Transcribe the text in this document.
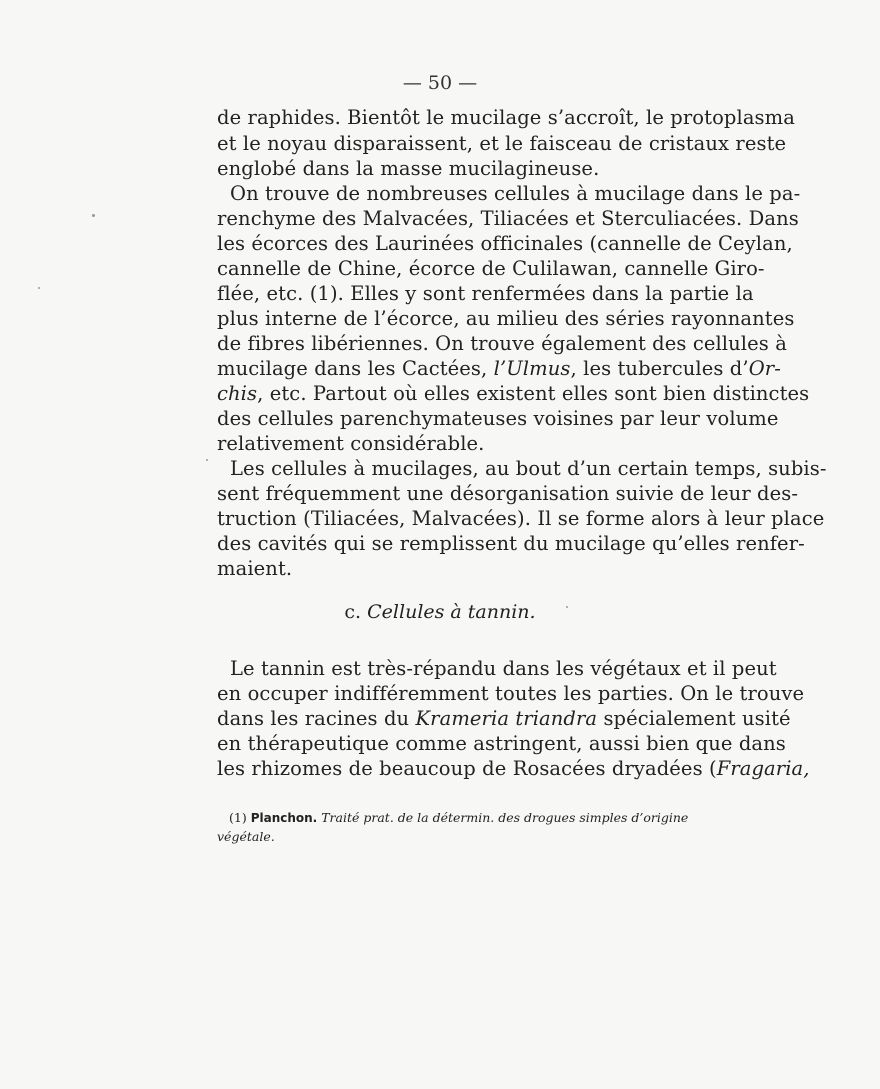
— 50 —
de raphides. Bientôt le mucilage s’accroît, le protoplasma
et le noyau disparaissent, et le faisceau de cristaux reste
englobé dans la masse mucilagineuse.
On trouve de nombreuses cellules à mucilage dans le pa-
renchyme des Malvacées, Tiliacées et Sterculiacées. Dans
les écorces des Laurinées officinales (cannelle de Ceylan,
cannelle de Chine, écorce de Culilawan, cannelle Giro-
flée, etc. (1). Elles y sont renfermées dans la partie la
plus interne de l’écorce, au milieu des séries rayonnantes
de fibres libériennes. On trouve également des cellules à
mucilage dans les Cactées, l’Ulmus, les tubercules d’Or-
chis, etc. Partout où elles existent elles sont bien distinctes
des cellules parenchymateuses voisines par leur volume
relativement considérable.
Les cellules à mucilages, au bout d’un certain temps, subis-
sent fréquemment une désorganisation suivie de leur des-
truction (Tiliacées, Malvacées). Il se forme alors à leur place
des cavités qui se remplissent du mucilage qu’elles renfer-
maient.
c. Cellules à tannin.
Le tannin est très-répandu dans les végétaux et il peut
en occuper indifféremment toutes les parties. On le trouve
dans les racines du Krameria triandra spécialement usité
en thérapeutique comme astringent, aussi bien que dans
les rhizomes de beaucoup de Rosacées dryadées (Fragaria,
(1) Planchon. Traité prat. de la détermin. des drogues simples d’origine
végétale.
